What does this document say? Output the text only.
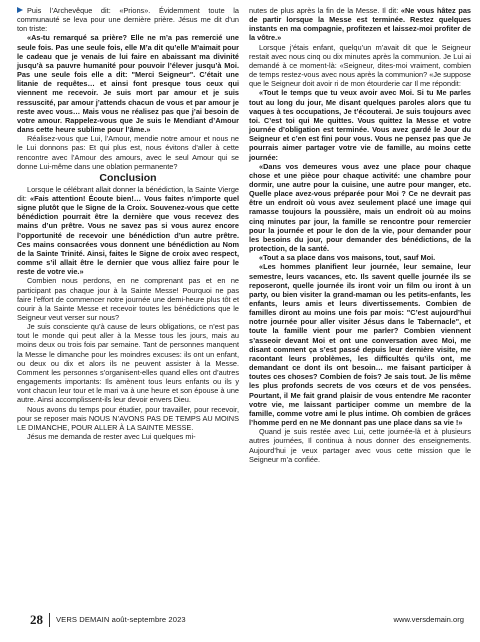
Puis l’Archevêque dit: «Prions». Évidemment toute la communauté se leva pour une dernière prière. Jésus me dit d’un ton triste:

«As-tu remarqué sa prière? Elle ne m’a pas remercié une seule fois. Pas une seule fois, elle M’a dit qu’elle M’aimait pour le cadeau que je venais de lui faire en abaissant ma divinité jusqu’à sa pauvre humanité pour pouvoir l’élever jusqu’à Moi. Pas une seule fois elle a dit: "Merci Seigneur". C’était une litanie de requêtes… et ainsi font presque tous ceux qui viennent me recevoir. Je suis mort par amour et je suis ressuscité, par amour j’attends chacun de vous et par amour je reste avec vous… Mais vous ne réalisez pas que j’ai besoin de votre amour. Rappelez-vous que Je suis le Mendiant d’Amour dans cette heure sublime pour l’âme.»

Réalisez-vous que Lui, l’Amour, mendie notre amour et nous ne le Lui donnons pas: Et qui plus est, nous évitons d’aller à cette rencontre avec l’Amour des amours, avec le seul Amour qui se donne Lui-même dans une oblation permanente?

Conclusion

Lorsque le célébrant allait donner la bénédiction, la Sainte Vierge dit: «Fais attention! Écoute bien!… Vous faites n’importe quel signe plutôt que le Signe de la Croix. Souvenez-vous que cette bénédiction pourrait être la dernière que vous recevez des mains d’un prêtre. Vous ne savez pas si vous aurez encore l’opportunité de recevoir une bénédiction d’un autre prêtre. Ces mains consacrées vous donnent une bénédiction au Nom de la Sainte Trinité. Ainsi, faites le Signe de croix avec respect, comme s’il allait être le dernier que vous alliez faire pour le reste de votre vie.»

Combien nous perdons, en ne comprenant pas et en ne participant pas chaque jour à la Sainte Messe! Pourquoi ne pas faire l’effort de commencer notre journée une demi-heure plus tôt et courir à la Sainte Messe et recevoir toutes les bénédictions que le Seigneur veut verser sur nous?

Je suis consciente qu’à cause de leurs obligations, ce n’est pas tout le monde qui peut aller à la Messe tous les jours, mais au moins deux ou trois fois par semaine. Tant de personnes manquent la Messe le dimanche pour les moindres excuses: ils ont un enfant, ou deux ou dix et alors ils ne peuvent assister à la Messe. Comment les personnes s’organisent-elles quand elles ont d’autres engagements importants: Ils amènent tous leurs enfants ou ils y vont chacun leur tour et le mari va à une heure et son épouse à une autre. Ainsi accomplissent-ils leur devoir envers Dieu.

Nous avons du temps pour étudier, pour travailler, pour recevoir, pour se reposer mais NOUS N’AVONS PAS DE TEMPS AU MOINS LE DIMANCHE, POUR ALLER À LA SAINTE MESSE.

Jésus me demanda de rester avec Lui quelques mi-

nutes de plus après la fin de la Messe. Il dit: «Ne vous hâtez pas de partir lorsque la Messe est terminée. Restez quelques instants en ma compagnie, profitezen et laissez-moi profiter de la vôtre.»

Lorsque j’étais enfant, quelqu’un m’avait dit que le Seigneur restait avec nous cinq ou dix minutes après la communion. Je Lui ai demandé à ce moment-là: «Seigneur, dites-moi vraiment, combien de temps restez-vous avec nous après la communion? «Je suppose que le Seigneur doit avoir ri de mon étourderie car Il me répondit:

«Tout le temps que tu veux avoir avec Moi. Si tu Me parles tout au long du jour, Me disant quelques paroles alors que tu vaques à tes occupations, Je t’écouterai. Je suis toujours avec toi. C’est toi qui Me quittes. Vous quittez la Messe et votre journée d’obligation est terminée. Vous avez gardé le Jour du Seigneur et c’en est fini pour vous. Vous ne pensez pas que Je pourrais aimer partager votre vie de famille, au moins cette journée:

«Dans vos demeures vous avez une place pour chaque chose et une pièce pour chaque activité: une chambre pour dormir, une autre pour la cuisine, une autre pour manger, etc. Quelle place avez-vous préparée pour Moi ? Ce ne devrait pas être un endroit où vous avez seulement placé une image qui ramasse toujours la poussière, mais un endroit où au moins cinq minutes par jour, la famille se rencontre pour remercier pour la journée et pour le don de la vie, pour demander pour les besoins du jour, pour demander des bénédictions, de la protection, de la santé.

«Tout a sa place dans vos maisons, tout, sauf Moi.

«Les hommes planifient leur journée, leur semaine, leur semestre, leurs vacances, etc. Ils savent quelle journée ils se reposeront, quelle journée ils iront voir un film ou iront à un party, ou bien visiter la grand-maman ou les petits-enfants, les enfants, leurs amis et leurs divertissements. Combien de familles diront au moins une fois par mois: "C’est aujourd’hui notre journée pour aller visiter Jésus dans le Tabernacle", et toute la famille vient pour me parler? Combien viennent s’asseoir devant Moi et ont une conversation avec Moi, me disant comment ça s’est passé depuis leur dernière visite, me racontant leurs problèmes, les difficultés qu’ils ont, me demandant ce dont ils ont besoin… me faisant participer à toutes ces choses? Combien de fois? Je sais tout. Je lis même les plus profonds secrets de vos cœurs et de vos pensées. Pourtant, il Me fait grand plaisir de vous entendre Me raconter votre vie, me laissant participer comme un membre de la famille, comme votre ami le plus intime. Oh combien de grâces l’homme perd en ne Me donnant pas une place dans sa vie !»

Quand je suis restée avec Lui, cette journée-là et à plusieurs autres journées, Il continua à nous donner des enseignements. Aujourd’hui je veux partager avec vous cette mission que le Seigneur m’a confiée.

28 VERS DEMAIN août-septembre 2023	www.versdemain.org
